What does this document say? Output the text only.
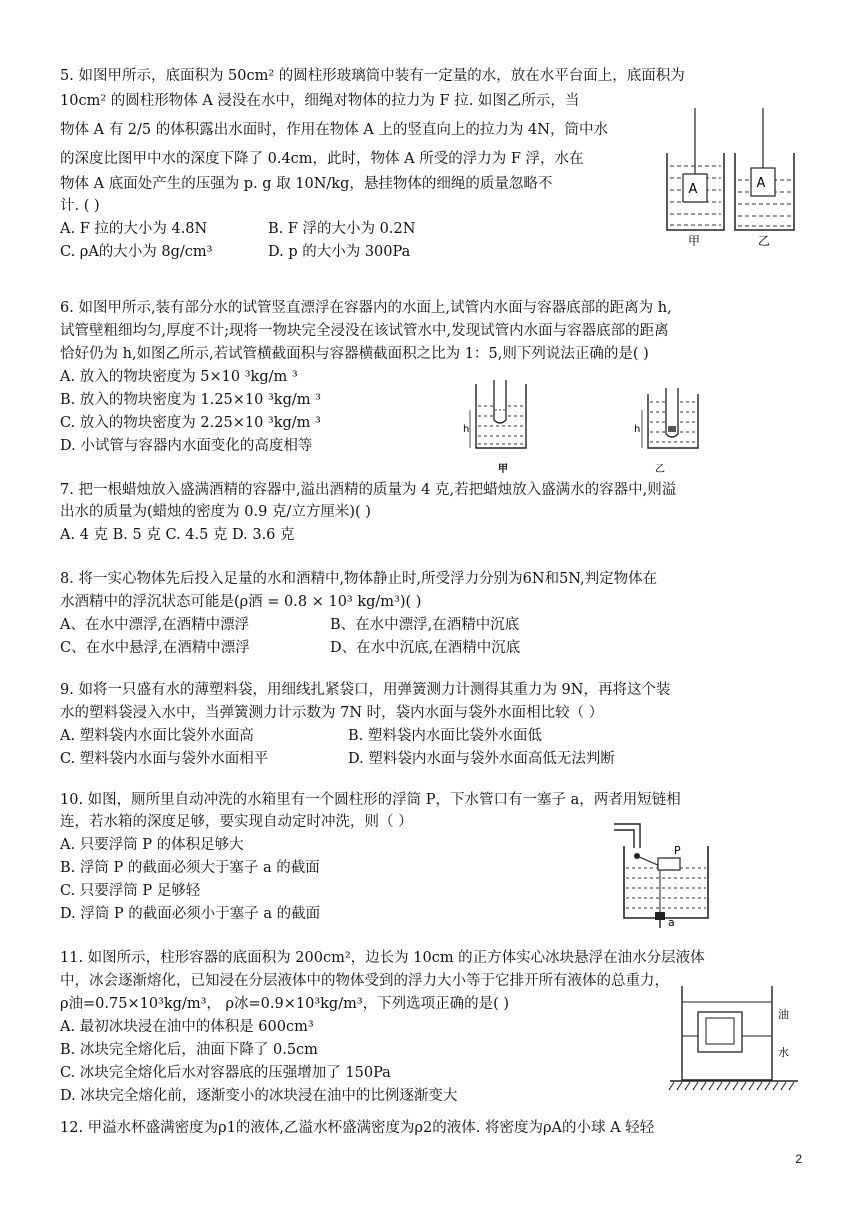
5. 如图甲所示，底面积为 50cm² 的圆柱形玻璃筒中装有一定量的水，放在水平台面上，底面积为
10cm² 的圆柱形物体 A 浸没在水中，细绳对物体的拉力为 F 拉. 如图乙所示，当
物体 A 有 2/5 的体积露出水面时，作用在物体 A 上的竖直向上的拉力为 4N，筒中水
的深度比图甲中水的深度下降了 0.4cm，此时，物体 A 所受的浮力为 F 浮，水在
物体 A 底面处产生的压强为 p. g 取 10N/kg，悬挂物体的细绳的质量忽略不
计. ( )
A. F 拉的大小为 4.8N	B. F 浮的大小为 0.2N
C. ρA的大小为 8g/cm³	D. p 的大小为 300Pa
A	A
甲	乙
6. 如图甲所示,装有部分水的试管竖直漂浮在容器内的水面上,试管内水面与容器底部的距离为 h,
试管壁粗细均匀,厚度不计;现将一物块完全浸没在该试管水中,发现试管内水面与容器底部的距离
恰好仍为 h,如图乙所示,若试管横截面积与容器横截面积之比为 1：5,则下列说法正确的是( )
A. 放入的物块密度为 5×10 ³kg/m ³
B. 放入的物块密度为 1.25×10 ³kg/m ³
C. 放入的物块密度为 2.25×10 ³kg/m ³
D. 小试管与容器内水面变化的高度相等
h	h
甲	乙
7. 把一根蜡烛放入盛满酒精的容器中,溢出酒精的质量为 4 克,若把蜡烛放入盛满水的容器中,则溢
出水的质量为(蜡烛的密度为 0.9 克/立方厘米)( )
A. 4 克 B. 5 克 C. 4.5 克 D. 3.6 克
8. 将一实心物体先后投入足量的水和酒精中,物体静止时,所受浮力分别为6N和5N,判定物体在
水酒精中的浮沉状态可能是(ρ酒 = 0.8 × 10³ kg/m³)( )
A、在水中漂浮,在酒精中漂浮	B、在水中漂浮,在酒精中沉底
C、在水中悬浮,在酒精中漂浮	D、在水中沉底,在酒精中沉底
9. 如将一只盛有水的薄塑料袋，用细线扎紧袋口，用弹簧测力计测得其重力为 9N，再将这个装
水的塑料袋浸入水中，当弹簧测力计示数为 7N 时，袋内水面与袋外水面相比较（ ）
A. 塑料袋内水面比袋外水面高	B. 塑料袋内水面比袋外水面低
C. 塑料袋内水面与袋外水面相平	D. 塑料袋内水面与袋外水面高低无法判断
10. 如图，厕所里自动冲洗的水箱里有一个圆柱形的浮筒 P，下水管口有一塞子 a，两者用短链相
连，若水箱的深度足够，要实现自动定时冲洗，则（ ）
A. 只要浮筒 P 的体积足够大
B. 浮筒 P 的截面必须大于塞子 a 的截面
C. 只要浮筒 P 足够轻
D. 浮筒 P 的截面必须小于塞子 a 的截面
P
a
11. 如图所示，柱形容器的底面积为 200cm²，边长为 10cm 的正方体实心冰块悬浮在油水分层液体
中，冰会逐渐熔化，已知浸在分层液体中的物体受到的浮力大小等于它排开所有液体的总重力，
ρ油=0.75×10³kg/m³， ρ冰=0.9×10³kg/m³，下列选项正确的是( )
A. 最初冰块浸在油中的体积是 600cm³
B. 冰块完全熔化后，油面下降了 0.5cm
C. 冰块完全熔化后水对容器底的压强增加了 150Pa
D. 冰块完全熔化前，逐渐变小的冰块浸在油中的比例逐渐变大
油
水
12. 甲溢水杯盛满密度为ρ1的液体,乙溢水杯盛满密度为ρ2的液体. 将密度为ρA的小球 A 轻轻
2
